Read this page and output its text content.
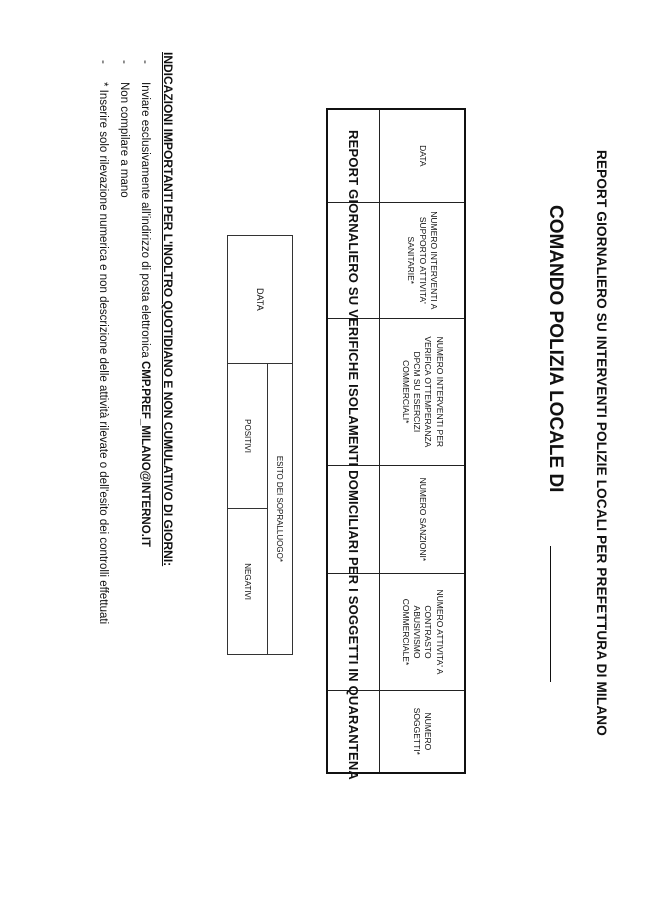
REPORT GIORNALIERO SU INTERVENTI POLIZIE LOCALI PER PREFETTURA DI MILANO
COMANDO POLIZIA LOCALE DI
DATA	NUMERO INTERVENTI A SUPPORTO ATTIVITA' SANITARIE*	NUMERO INTERVENTI PER VERIFICA OTTEMPERANZA DPCM SU ESERCIZI COMMERCIALI*	NUMERO SANZIONI*	NUMERO ATTIVITA' A CONTRASTO ABUSIVISMO COMMERCIALE*	NUMERO SOGGETTI*

REPORT GIORNALIERO SU VERIFICHE ISOLAMENTI DOMICILIARI PER I SOGGETTI IN QUARANTENA
DATA	ESITO DEI SOPRALLUOGO*	
	POSITIVI	NEGATIVI
INDICAZIONI IMPORTANTI PER L'INOLTRO QUOTIDIANO E NON CUMULATIVO DI GIORNI:
-Inviare esclusivamente all'indirizzo di posta elettronica CMP.PREF_MILANO@INTERNO.IT
-Non compilare a mano
-* Inserire solo rilevazione numerica e non descrizione delle attività rilevate o dell'esito dei controlli effettuati
